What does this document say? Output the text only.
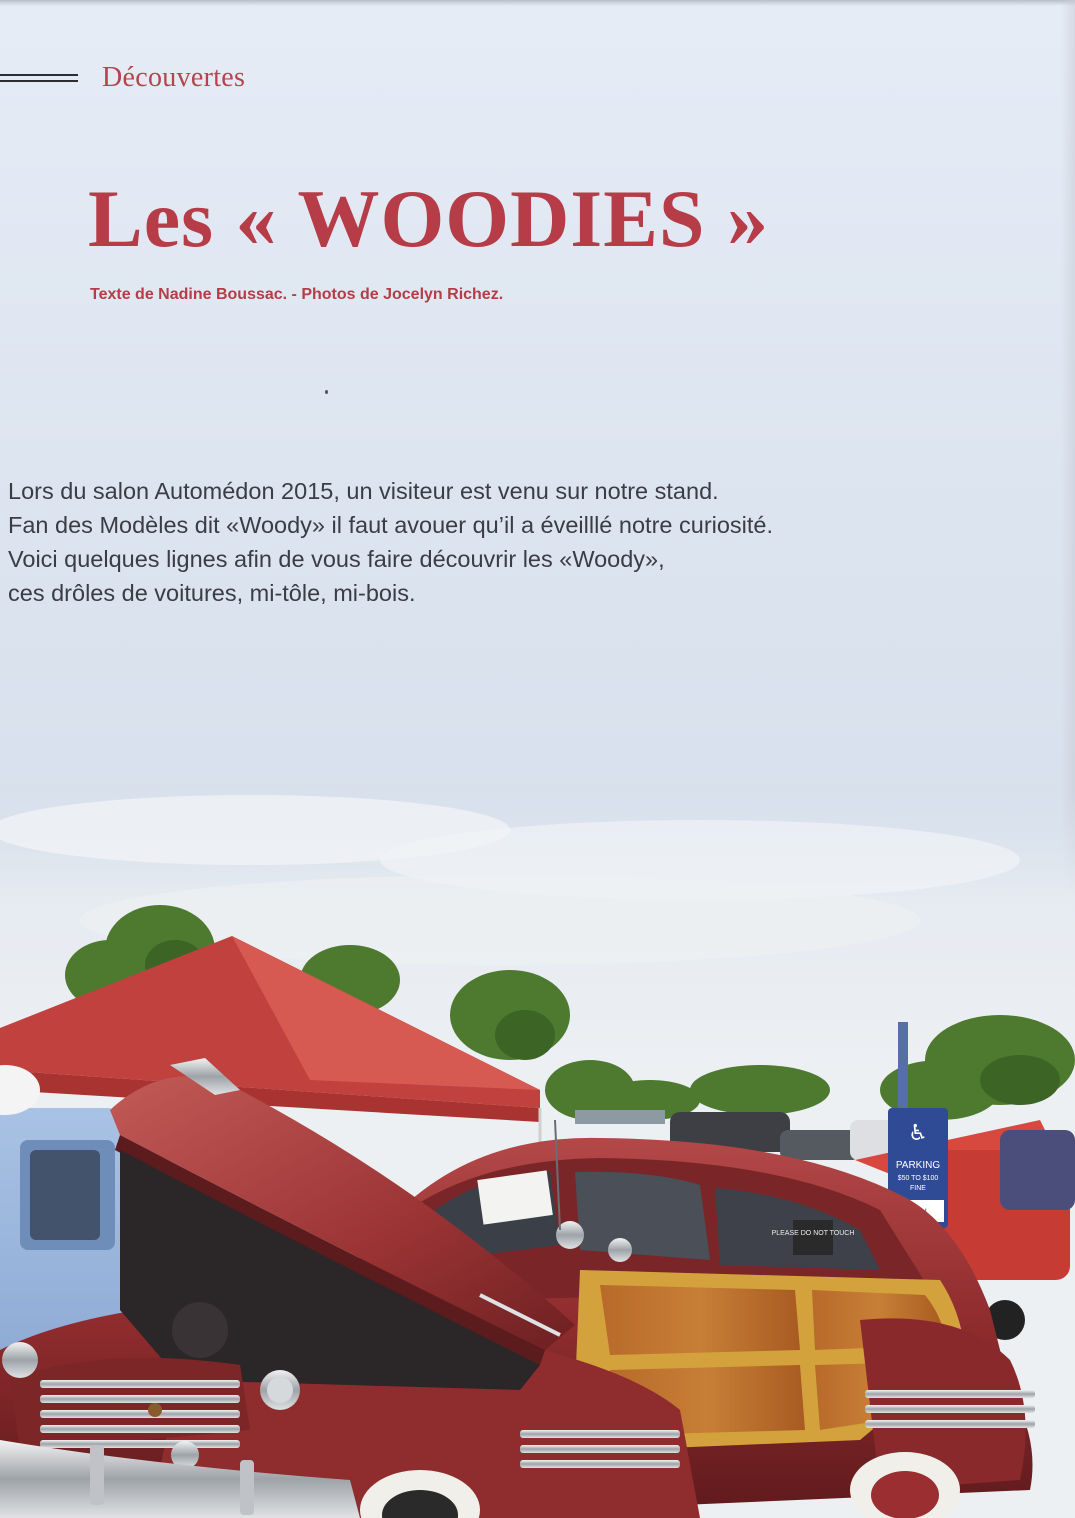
Découvertes
Les « WOODIES »
Texte de Nadine Boussac. - Photos de Jocelyn Richez.
Lors du salon Automédon 2015, un visiteur est venu sur notre stand.
Fan des Modèles dit «Woody» il faut avouer qu’il a éveilllé notre curiosité.
Voici quelques lignes afin de vous faire découvrir les «Woody»,
ces drôles de voitures, mi-tôle, mi-bois.
♿
PARKING
$50 TO $100
FINE
PLEASE DO NOT TOUCH
